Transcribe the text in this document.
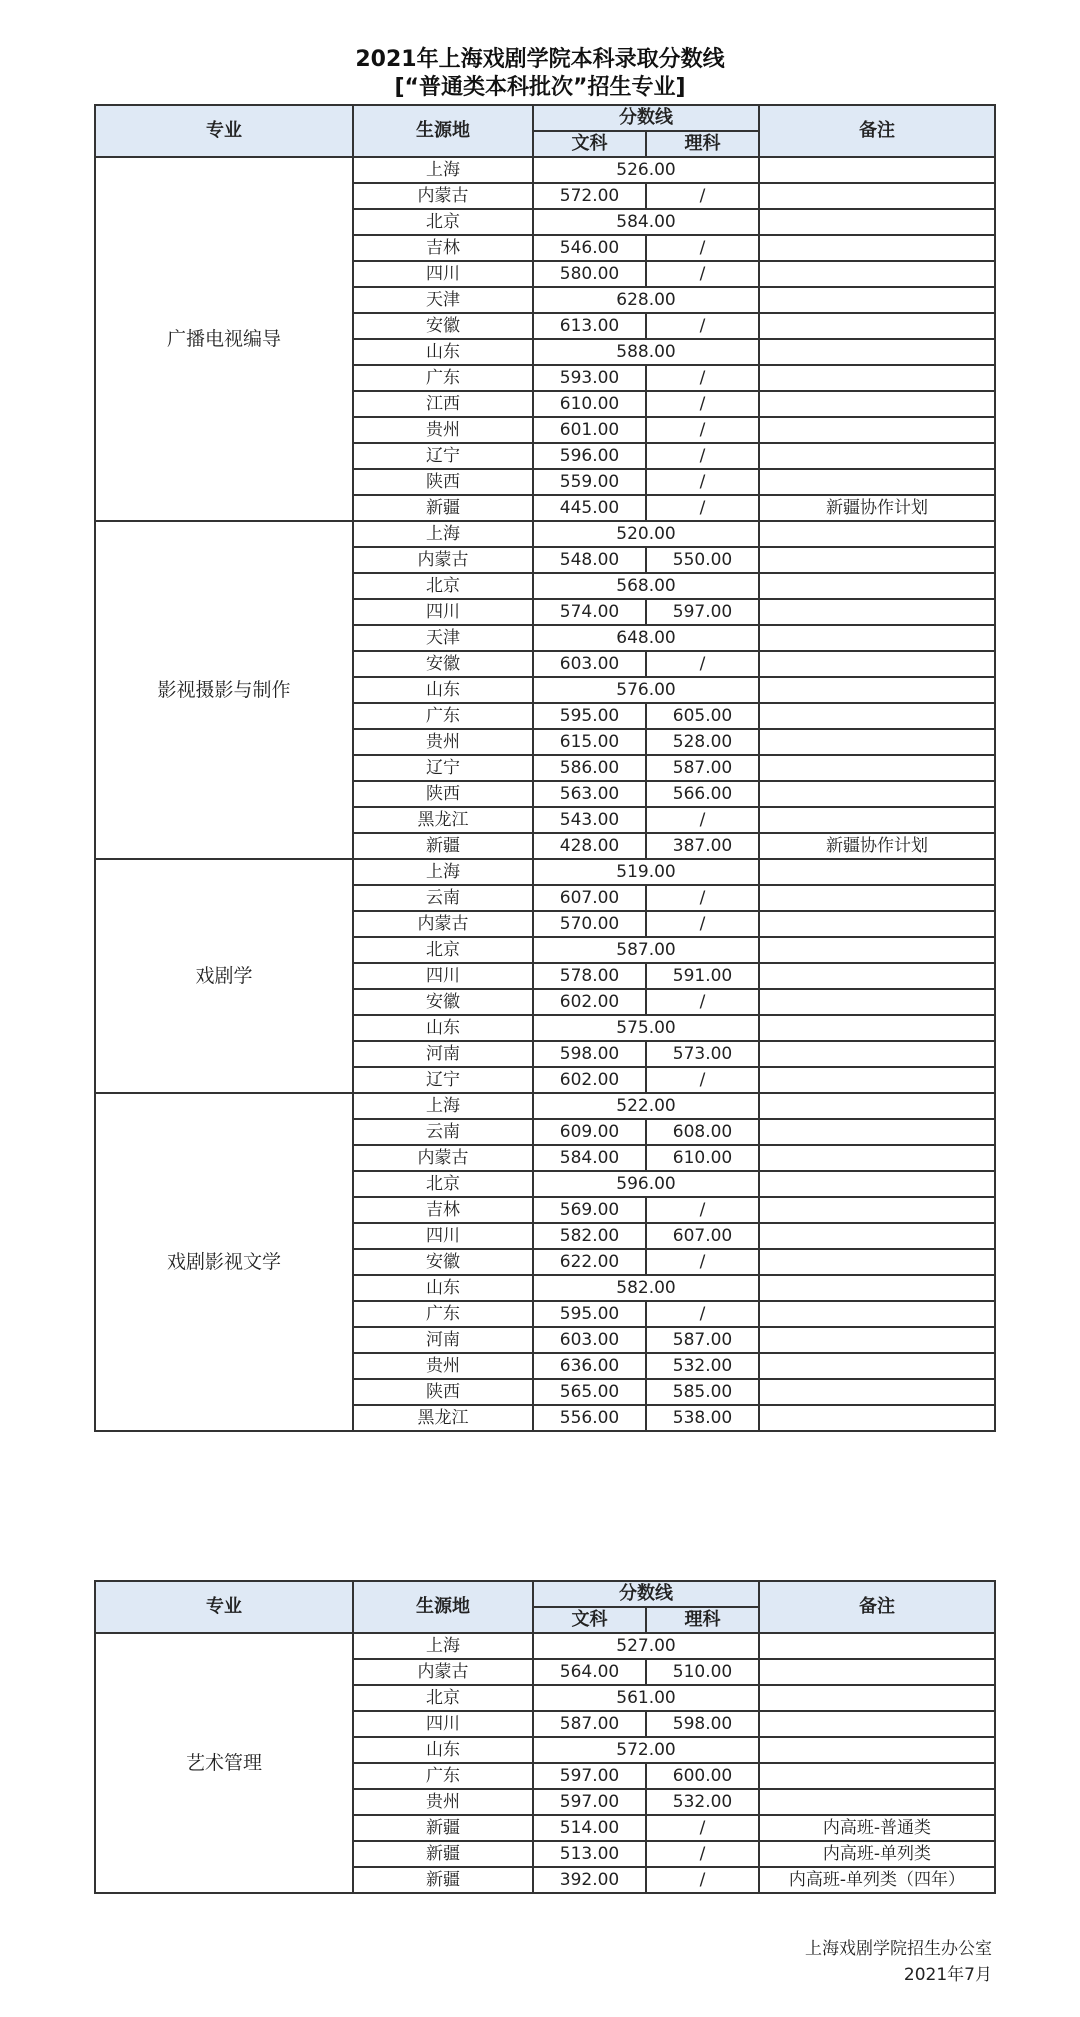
2021年上海戏剧学院本科录取分数线
[“普通类本科批次”招生专业]
专业	生源地	分数线		备注
		文科	理科	
广播电视编导	上海	526.00		
	内蒙古	572.00	/	
	北京	584.00		
	吉林	546.00	/	
	四川	580.00	/	
	天津	628.00		
	安徽	613.00	/	
	山东	588.00		
	广东	593.00	/	
	江西	610.00	/	
	贵州	601.00	/	
	辽宁	596.00	/	
	陕西	559.00	/	
	新疆	445.00	/	新疆协作计划
影视摄影与制作	上海	520.00		
	内蒙古	548.00	550.00	
	北京	568.00		
	四川	574.00	597.00	
	天津	648.00		
	安徽	603.00	/	
	山东	576.00		
	广东	595.00	605.00	
	贵州	615.00	528.00	
	辽宁	586.00	587.00	
	陕西	563.00	566.00	
	黑龙江	543.00	/	
	新疆	428.00	387.00	新疆协作计划
戏剧学	上海	519.00		
	云南	607.00	/	
	内蒙古	570.00	/	
	北京	587.00		
	四川	578.00	591.00	
	安徽	602.00	/	
	山东	575.00		
	河南	598.00	573.00	
	辽宁	602.00	/	
戏剧影视文学	上海	522.00		
	云南	609.00	608.00	
	内蒙古	584.00	610.00	
	北京	596.00		
	吉林	569.00	/	
	四川	582.00	607.00	
	安徽	622.00	/	
	山东	582.00		
	广东	595.00	/	
	河南	603.00	587.00	
	贵州	636.00	532.00	
	陕西	565.00	585.00	
	黑龙江	556.00	538.00	
专业	生源地	分数线		备注
		文科	理科	
艺术管理	上海	527.00		
	内蒙古	564.00	510.00	
	北京	561.00		
	四川	587.00	598.00	
	山东	572.00		
	广东	597.00	600.00	
	贵州	597.00	532.00	
	新疆	514.00	/	内高班-普通类
	新疆	513.00	/	内高班-单列类
	新疆	392.00	/	内高班-单列类（四年）
上海戏剧学院招生办公室
2021年7月
